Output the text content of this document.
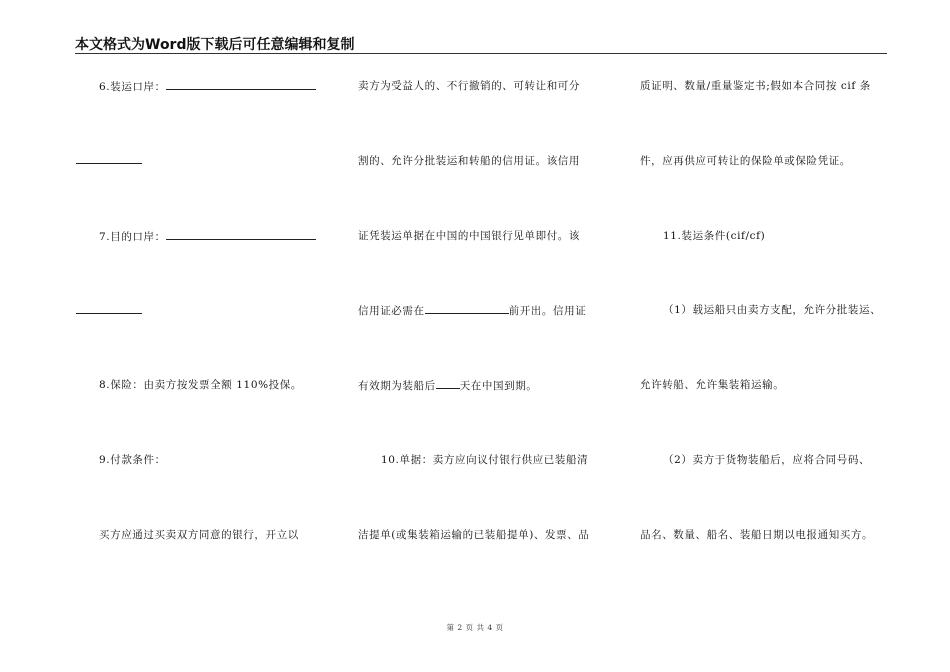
本文格式为Word版下载后可任意编辑和复制
6.装运口岸：
7.目的口岸：
8.保险：由卖方按发票全额 110%投保。
9.付款条件：
买方应通过买卖双方同意的银行，开立以
卖方为受益人的、不行撤销的、可转让和可分
割的、允许分批装运和转船的信用证。该信用
证凭装运单据在中国的中国银行见单即付。该
信用证必需在	前开出。信用证
有效期为装船后 天在中国到期。
10.单据：卖方应向议付银行供应已装船清
洁提单(或集装箱运输的已装船提单)、发票、品
质证明、数量/重量鉴定书;假如本合同按 cif 条
件，应再供应可转让的保险单或保险凭证。
11.装运条件(cif/cf)
（1）载运船只由卖方支配，允许分批装运、
允许转船、允许集装箱运输。
（2）卖方于货物装船后，应将合同号码、
品名、数量、船名、装船日期以电报通知买方。
第 2 页 共 4 页
